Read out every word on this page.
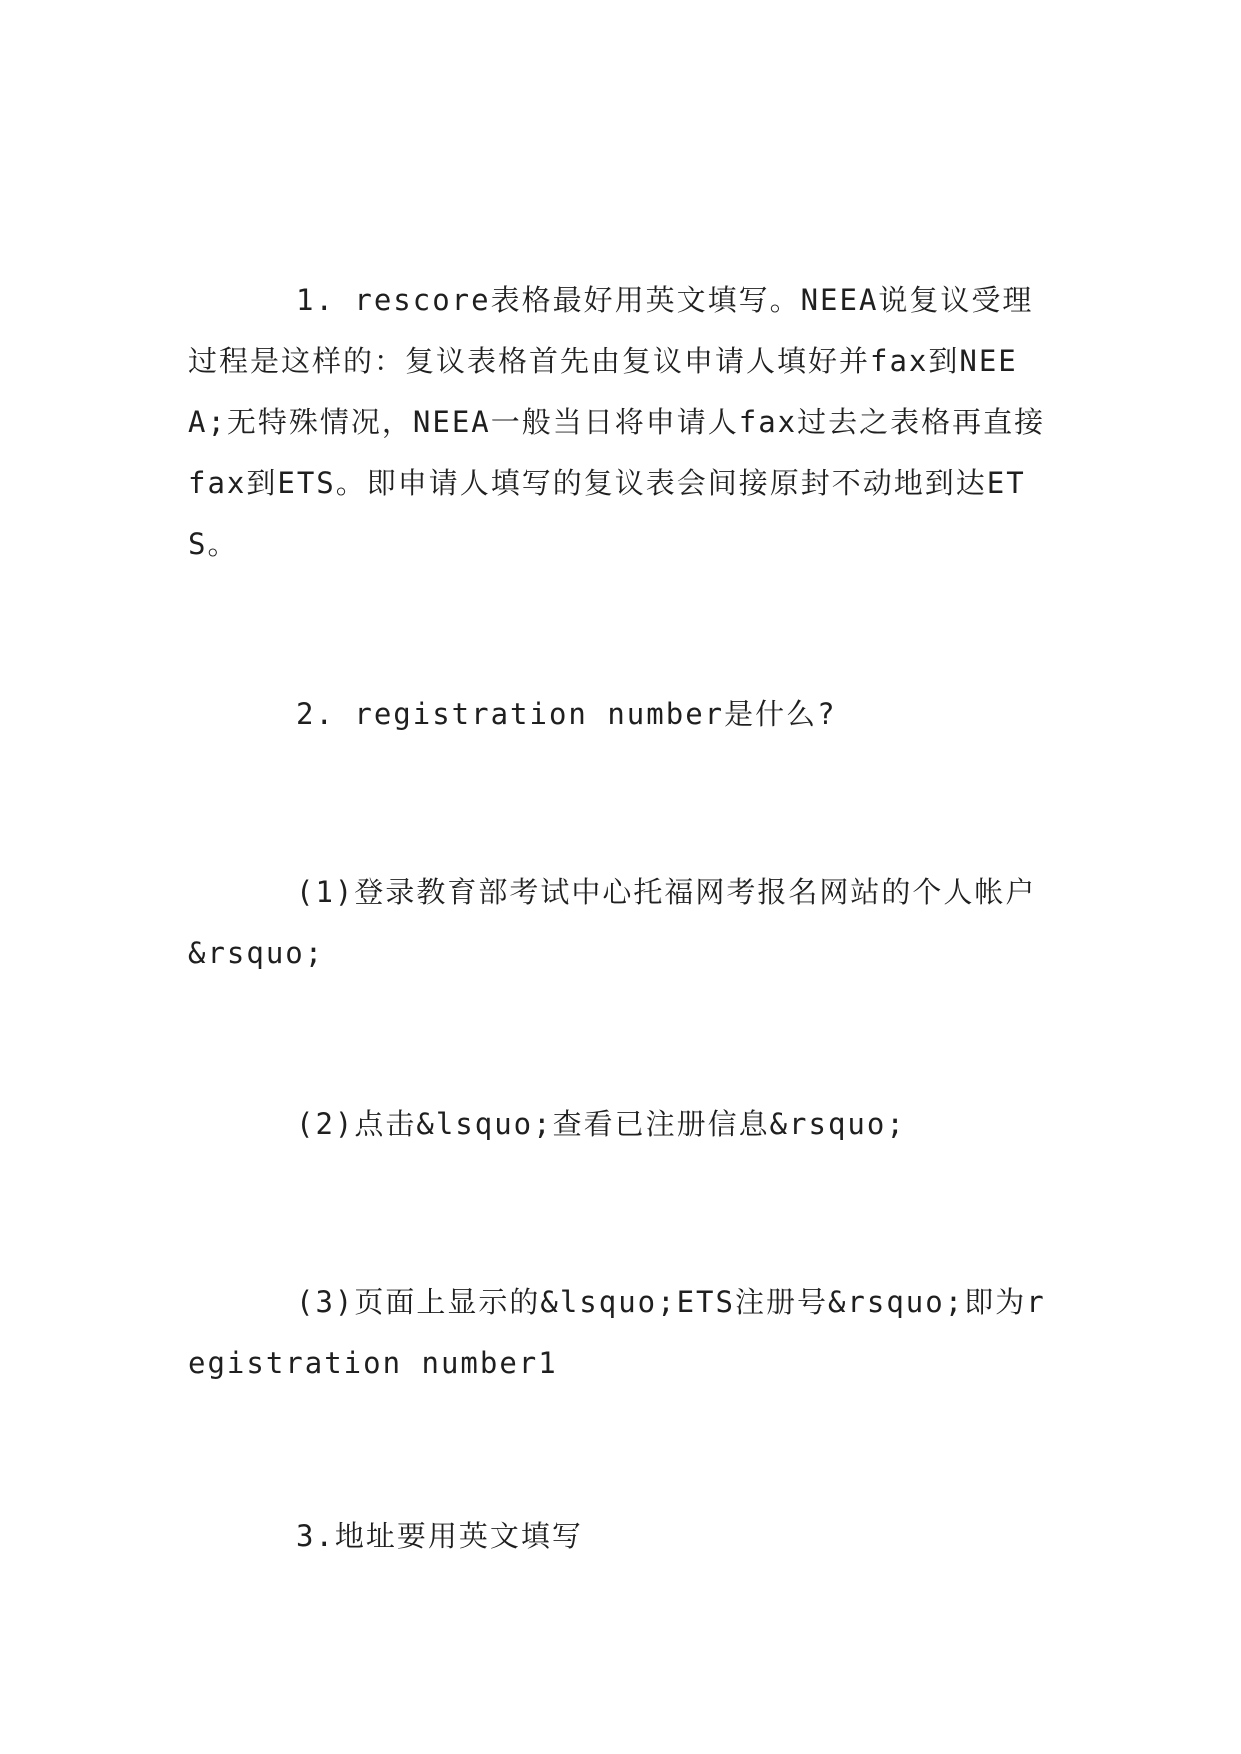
1. rescore表格最好用英文填写。NEEA说复议受理过程是这样的：复议表格首先由复议申请人填好并fax到NEEA;无特殊情况，NEEA一般当日将申请人fax过去之表格再直接fax到ETS。即申请人填写的复议表会间接原封不动地到达ETS。

2. registration number是什么?

(1)登录教育部考试中心托福网考报名网站的个人帐户&rsquo;

(2)点击&lsquo;查看已注册信息&rsquo;

(3)页面上显示的&lsquo;ETS注册号&rsquo;即为registration number1

3.地址要用英文填写
